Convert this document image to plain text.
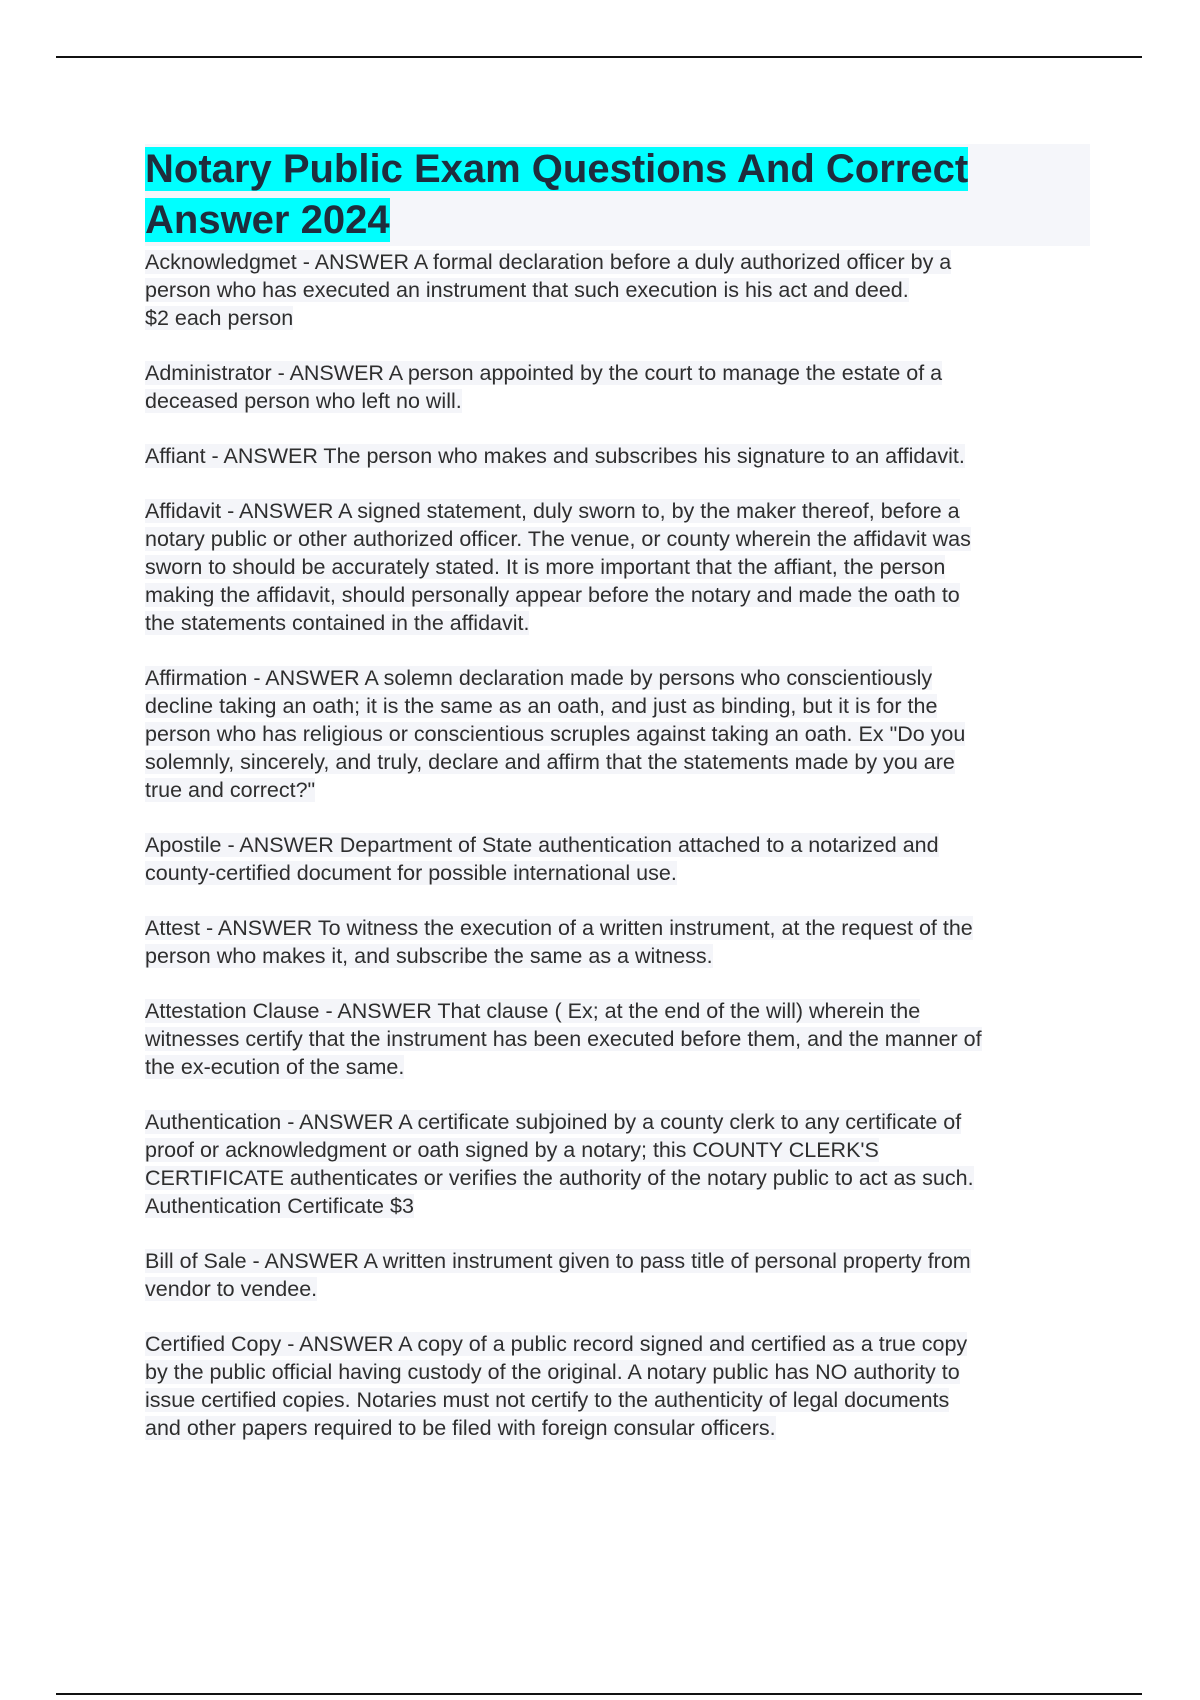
Notary Public Exam Questions And Correct Answer 2024

Acknowledgmet - ANSWER A formal declaration before a duly authorized officer by a
person who has executed an instrument that such execution is his act and deed.
$2 each person

Administrator - ANSWER A person appointed by the court to manage the estate of a
deceased person who left no will.

Affiant - ANSWER The person who makes and subscribes his signature to an affidavit.

Affidavit - ANSWER A signed statement, duly sworn to, by the maker thereof, before a
notary public or other authorized officer. The venue, or county wherein the affidavit was
sworn to should be accurately stated. It is more important that the affiant, the person
making the affidavit, should personally appear before the notary and made the oath to
the statements contained in the affidavit.

Affirmation - ANSWER A solemn declaration made by persons who conscientiously
decline taking an oath; it is the same as an oath, and just as binding, but it is for the
person who has religious or conscientious scruples against taking an oath. Ex "Do you
solemnly, sincerely, and truly, declare and affirm that the statements made by you are
true and correct?"

Apostile - ANSWER Department of State authentication attached to a notarized and
county-certified document for possible international use.

Attest - ANSWER To witness the execution of a written instrument, at the request of the
person who makes it, and subscribe the same as a witness.

Attestation Clause - ANSWER That clause ( Ex; at the end of the will) wherein the
witnesses certify that the instrument has been executed before them, and the manner of
the ex-ecution of the same.

Authentication - ANSWER A certificate subjoined by a county clerk to any certificate of
proof or acknowledgment or oath signed by a notary; this COUNTY CLERK'S
CERTIFICATE authenticates or verifies the authority of the notary public to act as such.
Authentication Certificate $3

Bill of Sale - ANSWER A written instrument given to pass title of personal property from
vendor to vendee.

Certified Copy - ANSWER A copy of a public record signed and certified as a true copy
by the public official having custody of the original. A notary public has NO authority to
issue certified copies. Notaries must not certify to the authenticity of legal documents
and other papers required to be filed with foreign consular officers.
